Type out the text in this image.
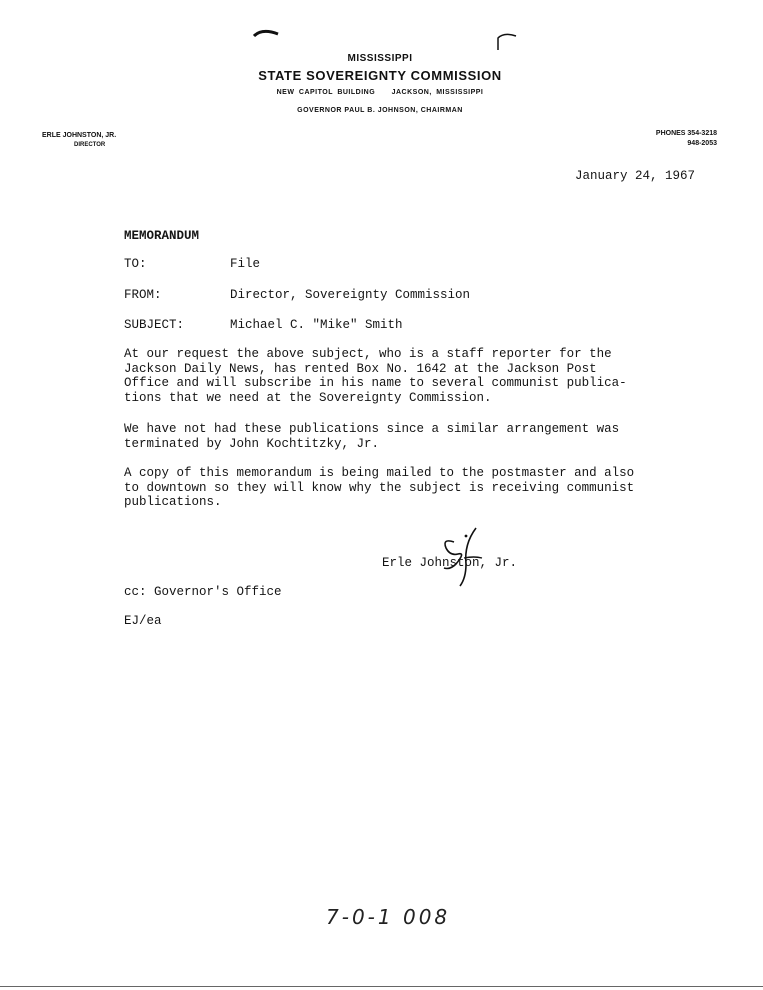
MISSISSIPPI
STATE SOVEREIGNTY COMMISSION
NEW CAPITOL BUILDING JACKSON, MISSISSIPPI
GOVERNOR PAUL B. JOHNSON, CHAIRMAN
ERLE JOHNSTON, JR.
DIRECTOR
PHONES 354-3218
948-2053
January 24, 1967
MEMORANDUM
TO:	File
FROM:	Director, Sovereignty Commission
SUBJECT:	Michael C. "Mike" Smith
At our request the above subject, who is a staff reporter for the
Jackson Daily News, has rented Box No. 1642 at the Jackson Post
Office and will subscribe in his name to several communist publica-
tions that we need at the Sovereignty Commission.
We have not had these publications since a similar arrangement was
terminated by John Kochtitzky, Jr.
A copy of this memorandum is being mailed to the postmaster and also
to downtown so they will know why the subject is receiving communist
publications.
Erle Johnston, Jr.
cc: Governor's Office
EJ/ea
7-0-1 008
